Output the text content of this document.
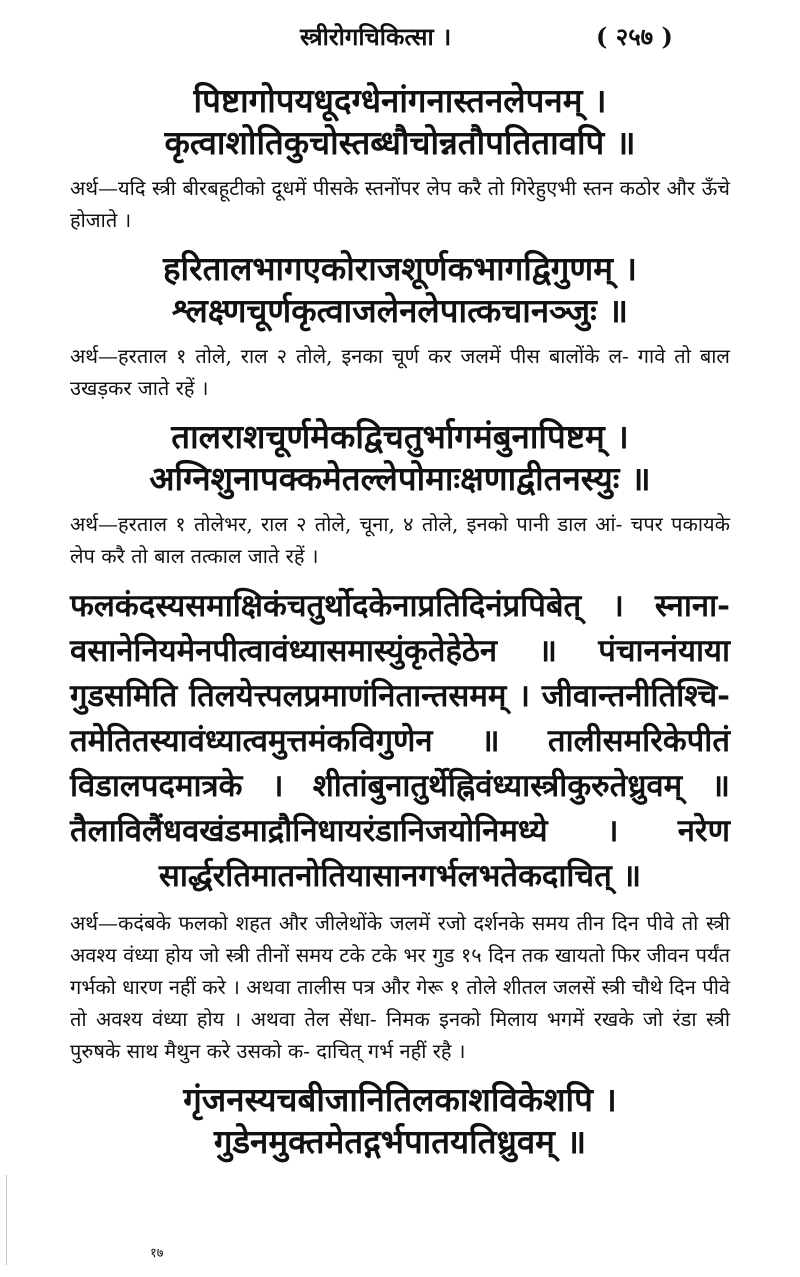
स्त्रीरोगचिकित्सा ।	( २५७ )

पिष्टागोपयधूदग्धेनांगनास्तनलेपनम् ।

कृत्वाशोतिकुचोस्तब्धौचोन्नतौपतितावपि ॥

अर्थ—यदि स्त्री बीरबहूटीको दूधमें पीसके स्तनोंपर लेप करै तो गिरेहुएभी स्तन कठोर और ऊँचे होजाते ।

हरितालभागएकोराजशूर्णकभागद्विगुणम् ।

श्लक्ष्णचूर्णकृत्वाजलेनलेपात्कचानञ्जुः ॥

अर्थ—हरताल १ तोले, राल २ तोले, इनका चूर्ण कर जलमें पीस बालोंके ल- गावे तो बाल उखड़कर जाते रहें ।

तालराशचूर्णमेकद्विचतुर्भागमंबुनापिष्टम् ।

अग्निशुनापक्कमेतल्लेपोमाःक्षणाद्वीतनस्युः ॥

अर्थ—हरताल १ तोलेभर, राल २ तोले, चूना, ४ तोले, इनको पानी डाल आं- चपर पकायके लेप करै तो बाल तत्काल जाते रहें ।

फलकंदस्यसमाक्षिकंचतुर्थोदकेनाप्रतिदिनंप्रपिबेत्‌ । स्नाना-

वसानेनियमेनपीत्वावंध्यासमास्युंकृतेहेठेन ॥ पंचाननंयाया

गुडसमिति तिलयेत्त्पलप्रमाणंनितान्तसमम् । जीवान्तनीतिश्चि-

तमेतितस्यावंध्यात्वमुत्तमंकविगुणेन ॥ तालीसमरिकेपीतं

विडालपदमात्रके । शीतांबुनातुर्थेह्निवंध्यास्त्रीकुरुतेध्रुवम् ॥

तैलाविलैंधवखंडमाद्रौनिधायरंडानिजयोनिमध्ये । नरेण

सार्द्धरतिमातनोतियासानगर्भलभतेकदाचित् ॥

अर्थ—कदंबके फलको शहत और जीलेथोंके जलमें रजो दर्शनके समय तीन दिन पीवे तो स्त्री अवश्य वंध्या होय जो स्त्री तीनों समय टके टके भर गुड १५ दिन तक खायतो फिर जीवन पर्यंत गर्भको धारण नहीं करे । अथवा तालीस पत्र और गेरू १ तोले शीतल जलसें स्त्री चौथे दिन पीवे तो अवश्य वंध्या होय । अथवा तेल सेंधा- निमक इनको मिलाय भगमें रखके जो रंडा स्त्री पुरुषके साथ मैथुन करे उसको क- दाचित् गर्भ नहीं रहै ।

गृंजनस्यचबीजानितिलकाशविकेशपि ।

गुडेनमुक्तमेतद्गर्भपातयतिध्रुवम् ॥

१७
